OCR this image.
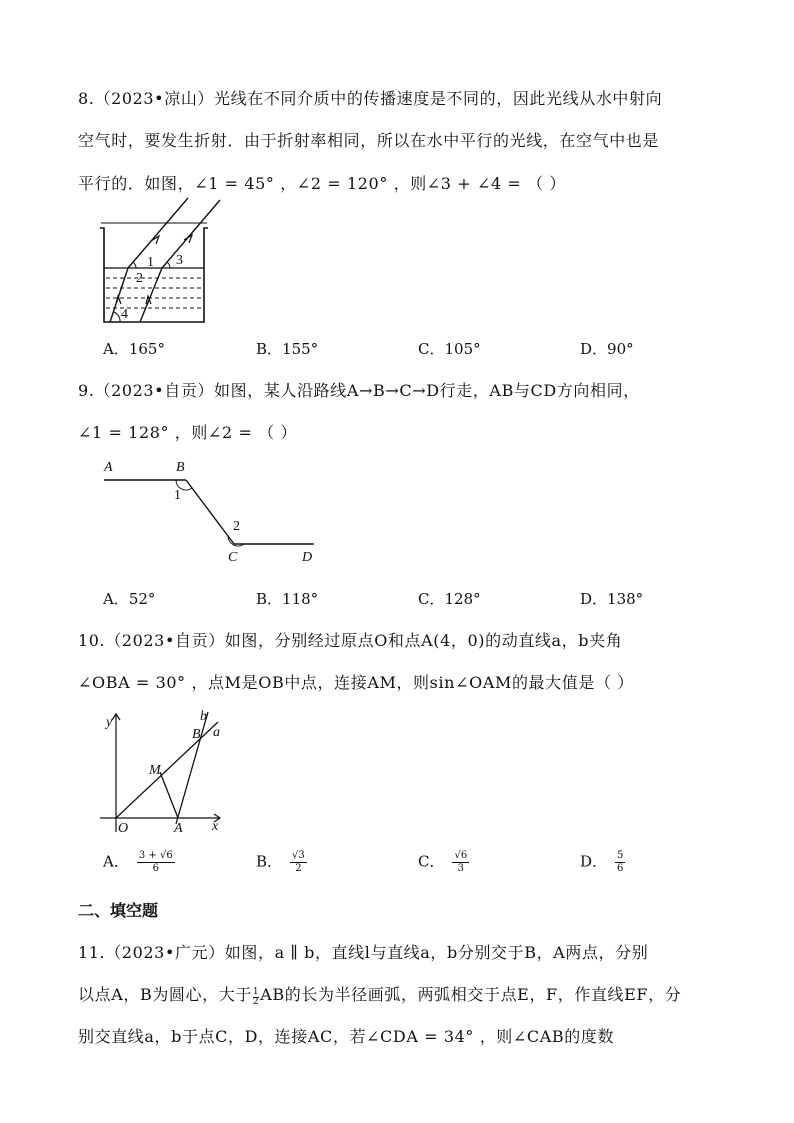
8.（2023•凉山）光线在不同介质中的传播速度是不同的，因此光线从水中射向
空气时，要发生折射．由于折射率相同，所以在水中平行的光线，在空气中也是
平行的．如图，∠1 = 45° ，∠2 = 120° ，则∠3 + ∠4 = （ ）
1
2
3
4
A．165°	B．155°	C．105°	D．90°
9.（2023•自贡）如图，某人沿路线A→B→C→D行走，AB与CD方向相同，
∠1 = 128° ，则∠2 = （ ）
A	B
C	D
1
2
A．52°	B．118°	C．128°	D．138°
10.（2023•自贡）如图，分别经过原点O和点A(4，0)的动直线a，b夹角
∠OBA = 30° ，点M是OB中点，连接AM，则sin∠OAM的最大值是（ ）
y
x
O	A
B
M
a
b
A． $\frac{3 + √6}{6}$	B． $\frac{√3}{2}$	C． $\frac{√6}{3}$	D． $\frac{5}{6}$
二、填空题
11.（2023•广元）如图，a ∥ b，直线l与直线a，b分别交于B，A两点，分别
以点A，B为圆心，大于 $\frac{1}{2}AB$的长为半径画弧，两弧相交于点E，F，作直线EF，分
别交直线a，b于点C，D，连接AC，若∠CDA = 34° ，则∠CAB的度数
